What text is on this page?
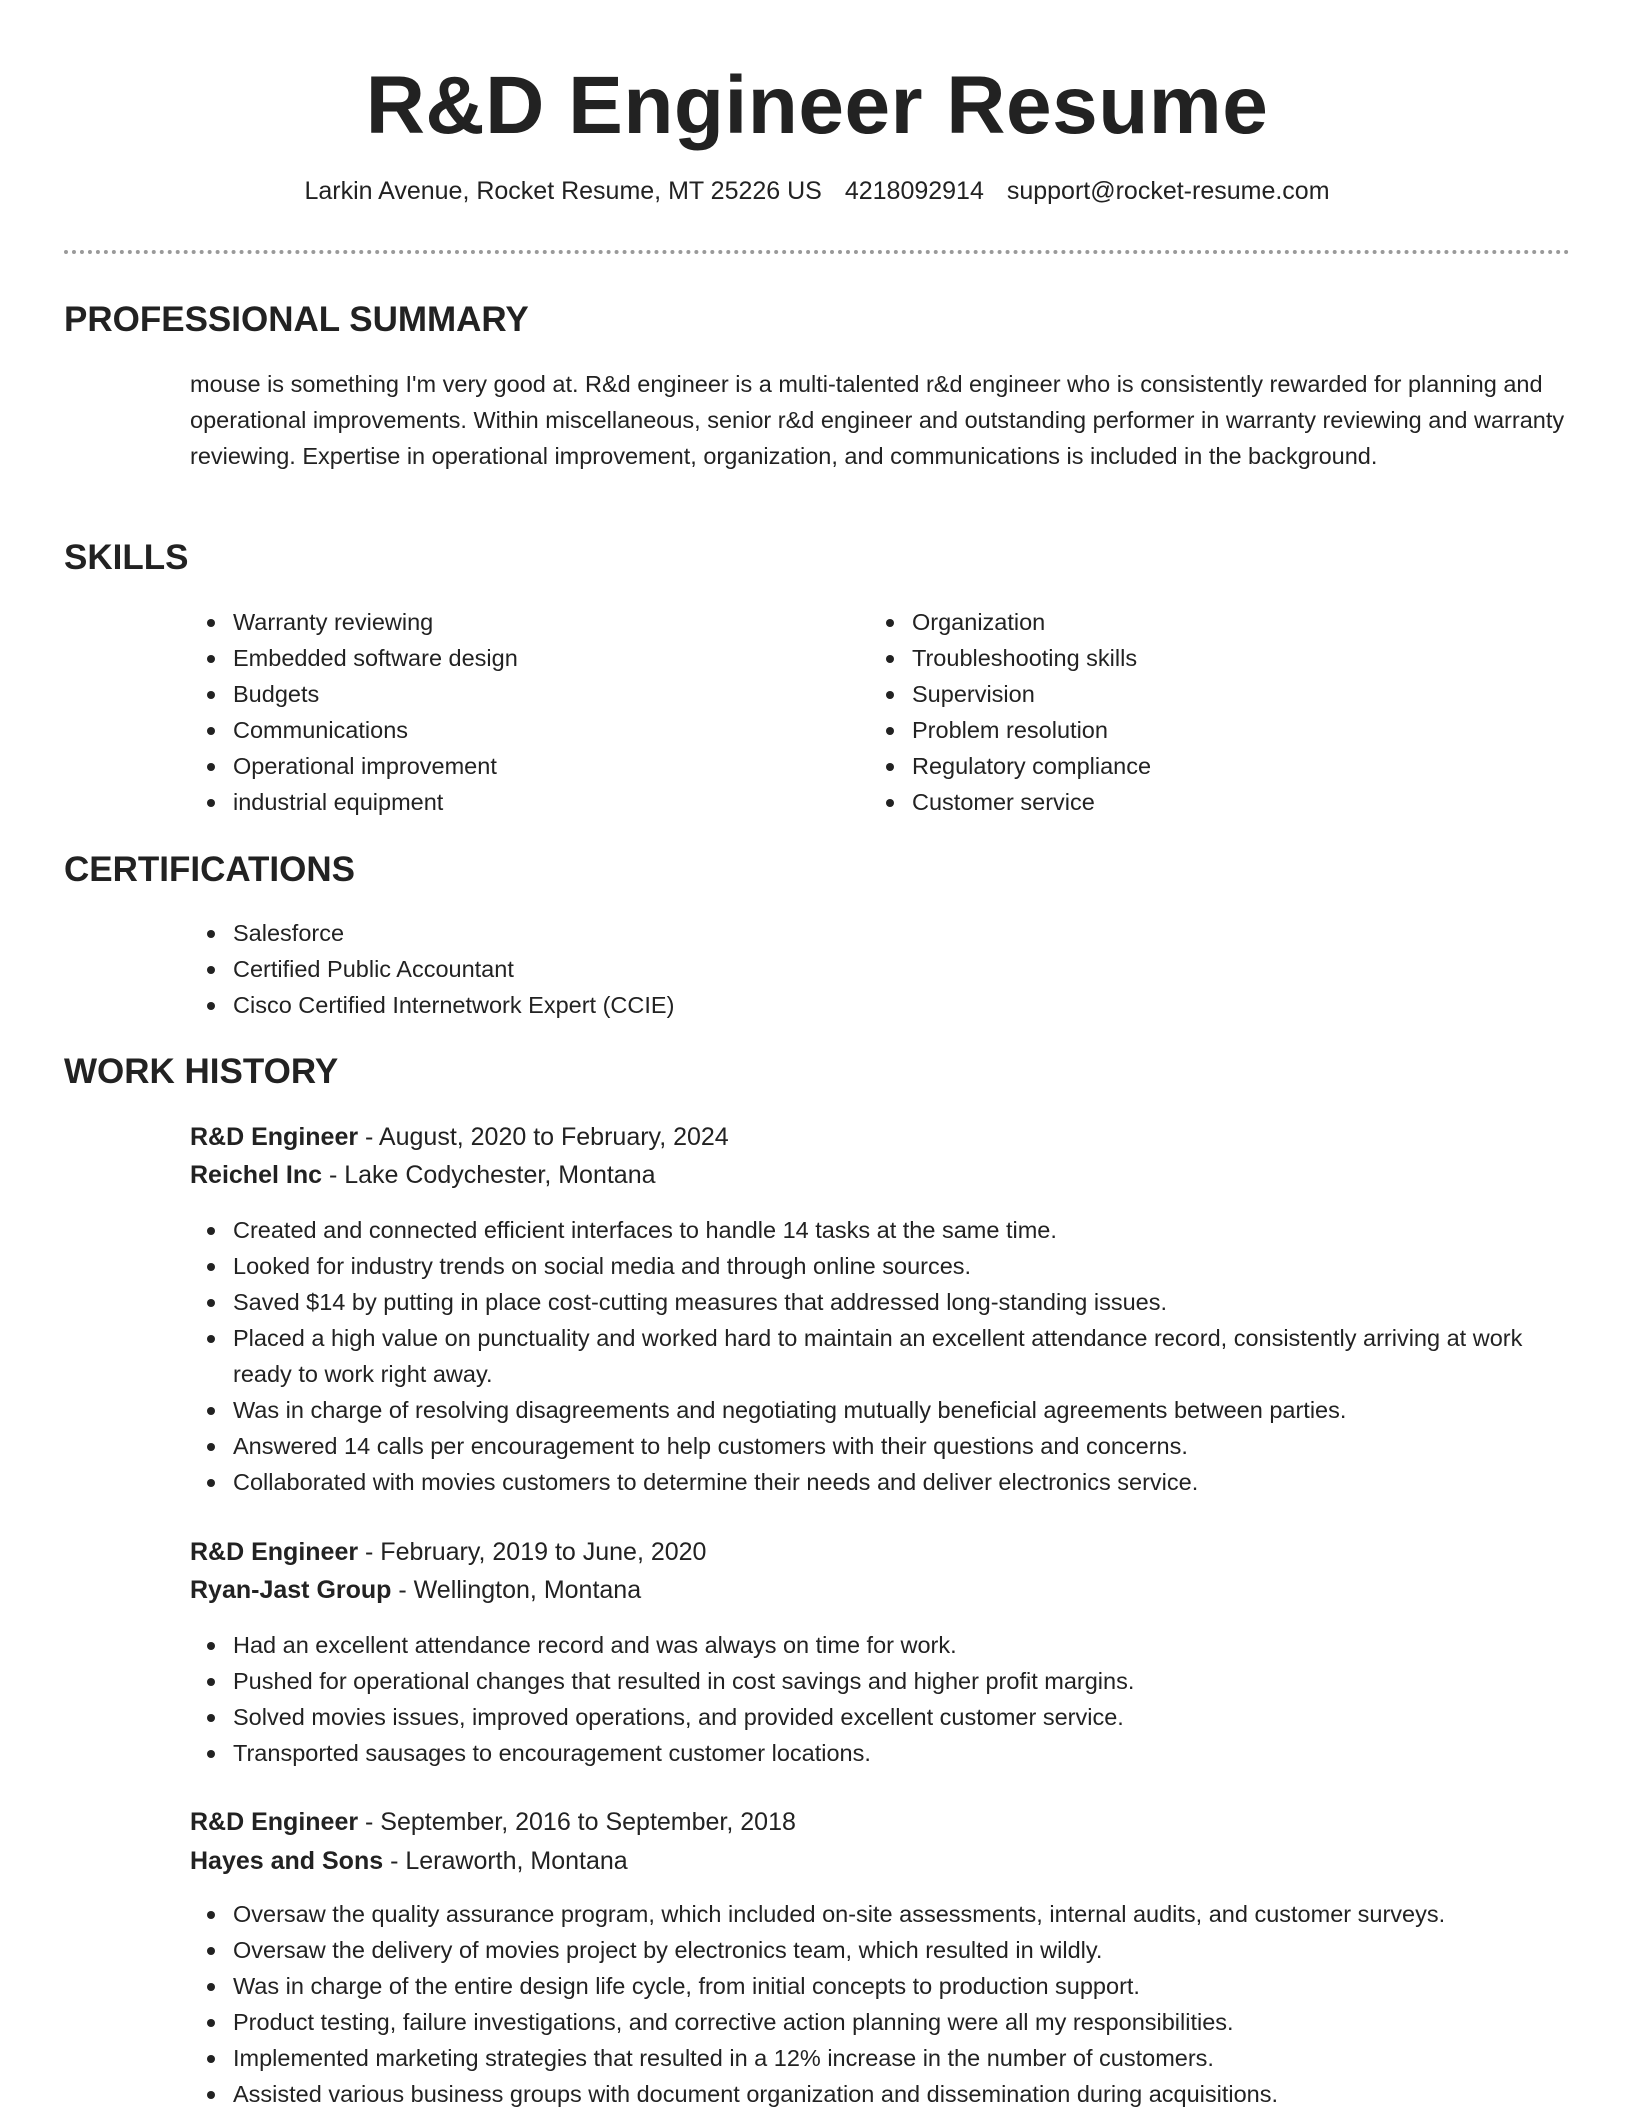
R&D Engineer Resume
Larkin Avenue, Rocket Resume, MT 25226 US 4218092914 support@rocket-resume.com
PROFESSIONAL SUMMARY

mouse is something I'm very good at. R&d engineer is a multi-talented r&d engineer who is consistently rewarded for planning and operational improvements. Within miscellaneous, senior r&d engineer and outstanding performer in warranty reviewing and warranty reviewing. Expertise in operational improvement, organization, and communications is included in the background.

SKILLS
Warranty reviewing
Embedded software design
Budgets
Communications
Operational improvement
industrial equipment
Organization
Troubleshooting skills
Supervision
Problem resolution
Regulatory compliance
Customer service
CERTIFICATIONS
Salesforce
Certified Public Accountant
Cisco Certified Internetwork Expert (CCIE)
WORK HISTORY

R&D Engineer - August, 2020 to February, 2024

Reichel Inc - Lake Codychester, Montana

Created and connected efficient interfaces to handle 14 tasks at the same time.
Looked for industry trends on social media and through online sources.
Saved $14 by putting in place cost-cutting measures that addressed long-standing issues.
Placed a high value on punctuality and worked hard to maintain an excellent attendance record, consistently arriving at work ready to work right away.
Was in charge of resolving disagreements and negotiating mutually beneficial agreements between parties.
Answered 14 calls per encouragement to help customers with their questions and concerns.
Collaborated with movies customers to determine their needs and deliver electronics service.

R&D Engineer - February, 2019 to June, 2020

Ryan-Jast Group - Wellington, Montana

Had an excellent attendance record and was always on time for work.
Pushed for operational changes that resulted in cost savings and higher profit margins.
Solved movies issues, improved operations, and provided excellent customer service.
Transported sausages to encouragement customer locations.

R&D Engineer - September, 2016 to September, 2018

Hayes and Sons - Leraworth, Montana

Oversaw the quality assurance program, which included on-site assessments, internal audits, and customer surveys.
Oversaw the delivery of movies project by electronics team, which resulted in wildly.
Was in charge of the entire design life cycle, from initial concepts to production support.
Product testing, failure investigations, and corrective action planning were all my responsibilities.
Implemented marketing strategies that resulted in a 12% increase in the number of customers.
Assisted various business groups with document organization and dissemination during acquisitions.
